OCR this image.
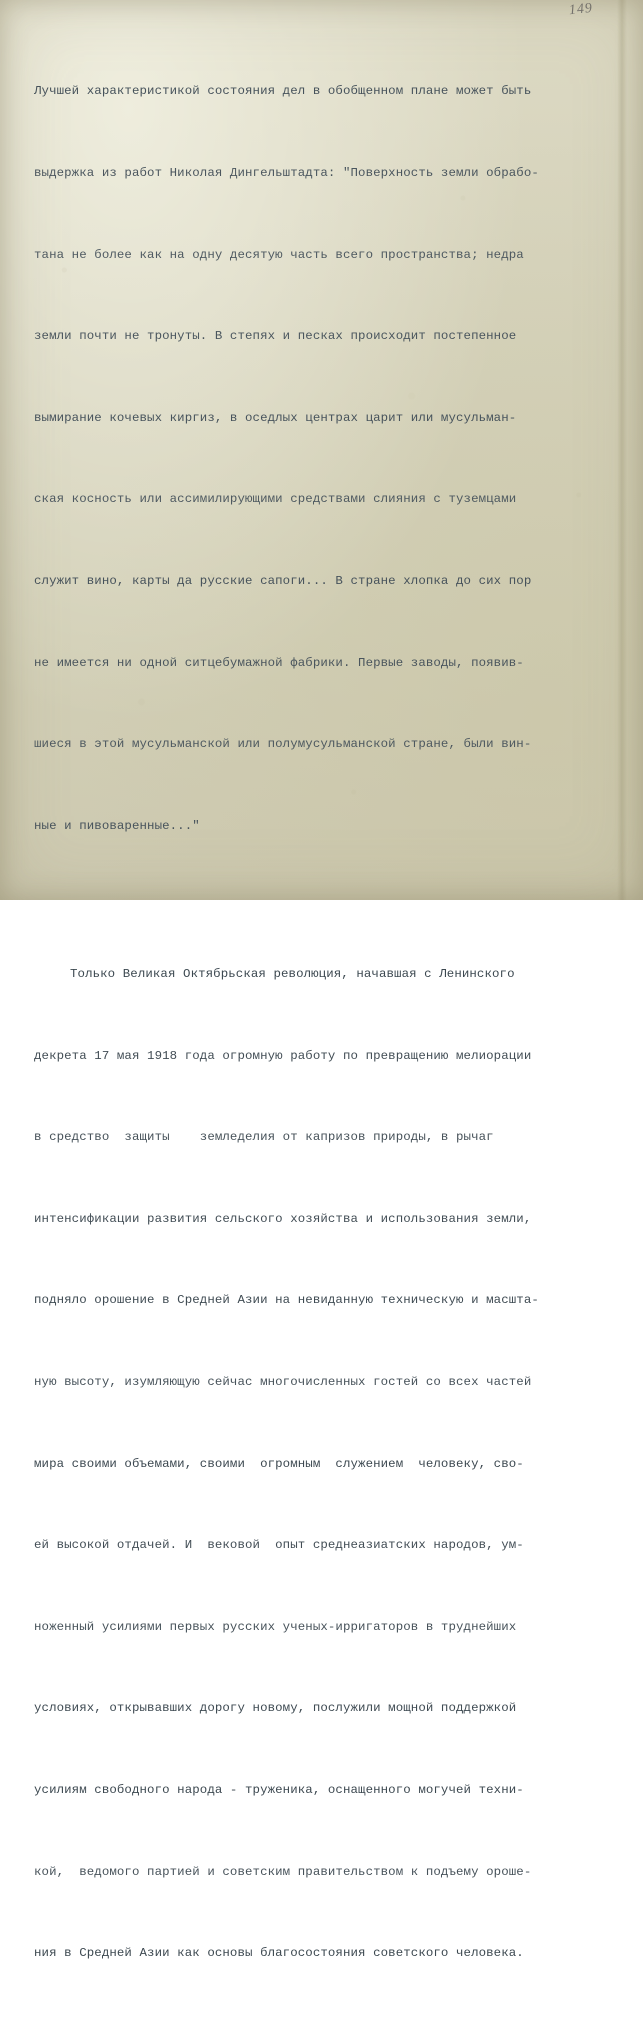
149

Лучшей характеристикой состояния дел в обобщенном плане может быть

выдержка из работ Николая Дингельштадта: "Поверхность земли обрабо-

тана не более как на одну десятую часть всего пространства; недра

земли почти не тронуты. В степях и песках происходит постепенное

вымирание кочевых киргиз, в оседлых центрах царит или мусульман-

ская косность или ассимилирующими средствами слияния с туземцами

служит вино, карты да русские сапоги... В стране хлопка до сих пор

не имеется ни одной ситцебумажной фабрики. Первые заводы, появив-

шиеся в этой мусульманской или полумусульманской стране, были вин-

ные и пивоваренные..."

Только Великая Октябрьская революция, начавшая с Ленинского

декрета 17 мая 1918 года огромную работу по превращению мелиорации

в средство  защиты    земледелия от капризов природы, в рычаг

интенсификации развития сельского хозяйства и использования земли,

подняло орошение в Средней Азии на невиданную техническую и масшта-

ную высоту, изумляющую сейчас многочисленных гостей со всех частей

мира своими объемами, своими  огромным  служением  человеку, сво-

ей высокой отдачей. И  вековой  опыт среднеазиатских народов, ум-

ноженный усилиями первых русских ученых-ирригаторов в труднейших

условиях, открывавших дорогу новому, послужили мощной поддержкой

усилиям свободного народа - труженика, оснащенного могучей техни-

кой,  ведомого партией и советским правительством к подъему ороше-

ния в Средней Азии как основы благосостояния советского человека.
